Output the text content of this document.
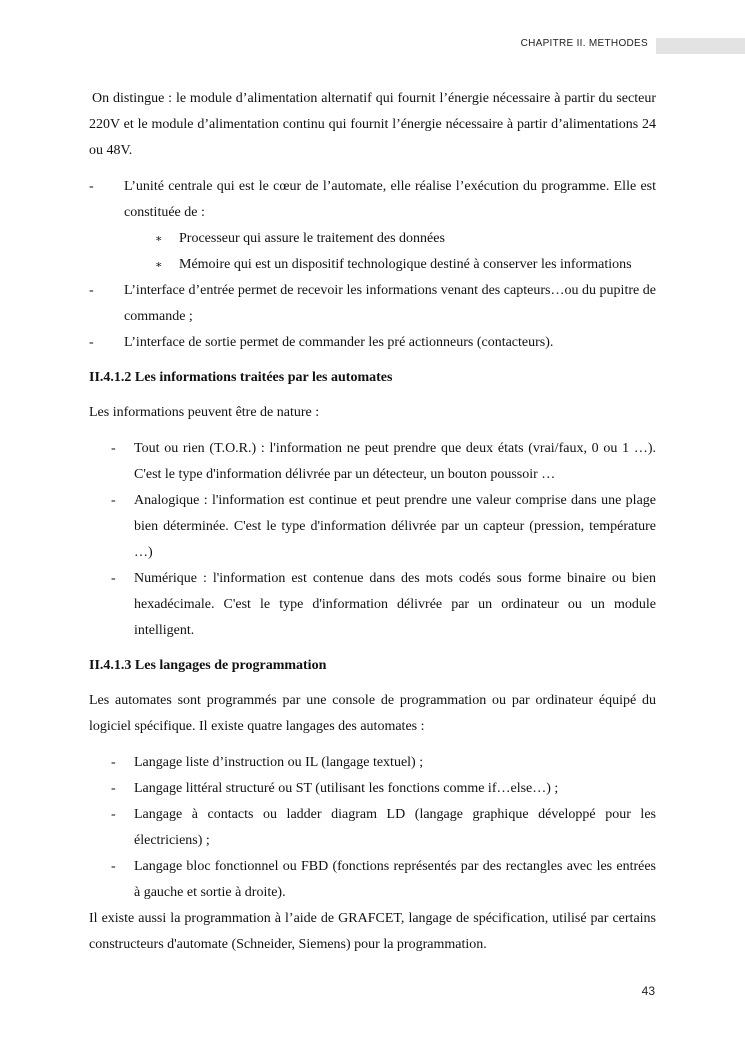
CHAPITRE II. METHODES

On distingue : le module d’alimentation alternatif qui fournit l’énergie nécessaire à partir du secteur 220V et le module d’alimentation continu qui fournit l’énergie nécessaire à partir d’alimentations 24 ou 48V.

- L’unité centrale qui est le cœur de l’automate, elle réalise l’exécution du programme. Elle est constituée de :
∗ Processeur qui assure le traitement des données
∗ Mémoire qui est un dispositif technologique destiné à conserver les informations
- L’interface d’entrée permet de recevoir les informations venant des capteurs…ou du pupitre de commande ;
- L’interface de sortie permet de commander les pré actionneurs (contacteurs).
II.4.1.2 Les informations traitées par les automates

Les informations peuvent être de nature :

- Tout ou rien (T.O.R.) : l'information ne peut prendre que deux états (vrai/faux, 0 ou 1 …). C'est le type d'information délivrée par un détecteur, un bouton poussoir …
- Analogique : l'information est continue et peut prendre une valeur comprise dans une plage bien déterminée. C'est le type d'information délivrée par un capteur (pression, température …)
- Numérique : l'information est contenue dans des mots codés sous forme binaire ou bien hexadécimale. C'est le type d'information délivrée par un ordinateur ou un module intelligent.
II.4.1.3 Les langages de programmation

Les automates sont programmés par une console de programmation ou par ordinateur équipé du logiciel spécifique. Il existe quatre langages des automates :

- Langage liste d’instruction ou IL (langage textuel) ;
- Langage littéral structuré ou ST (utilisant les fonctions comme if…else…) ;
- Langage à contacts ou ladder diagram LD (langage graphique développé pour les électriciens) ;
- Langage bloc fonctionnel ou FBD (fonctions représentés par des rectangles avec les entrées à gauche et sortie à droite).

Il existe aussi la programmation à l’aide de GRAFCET, langage de spécification, utilisé par certains constructeurs d'automate (Schneider, Siemens) pour la programmation.

43
